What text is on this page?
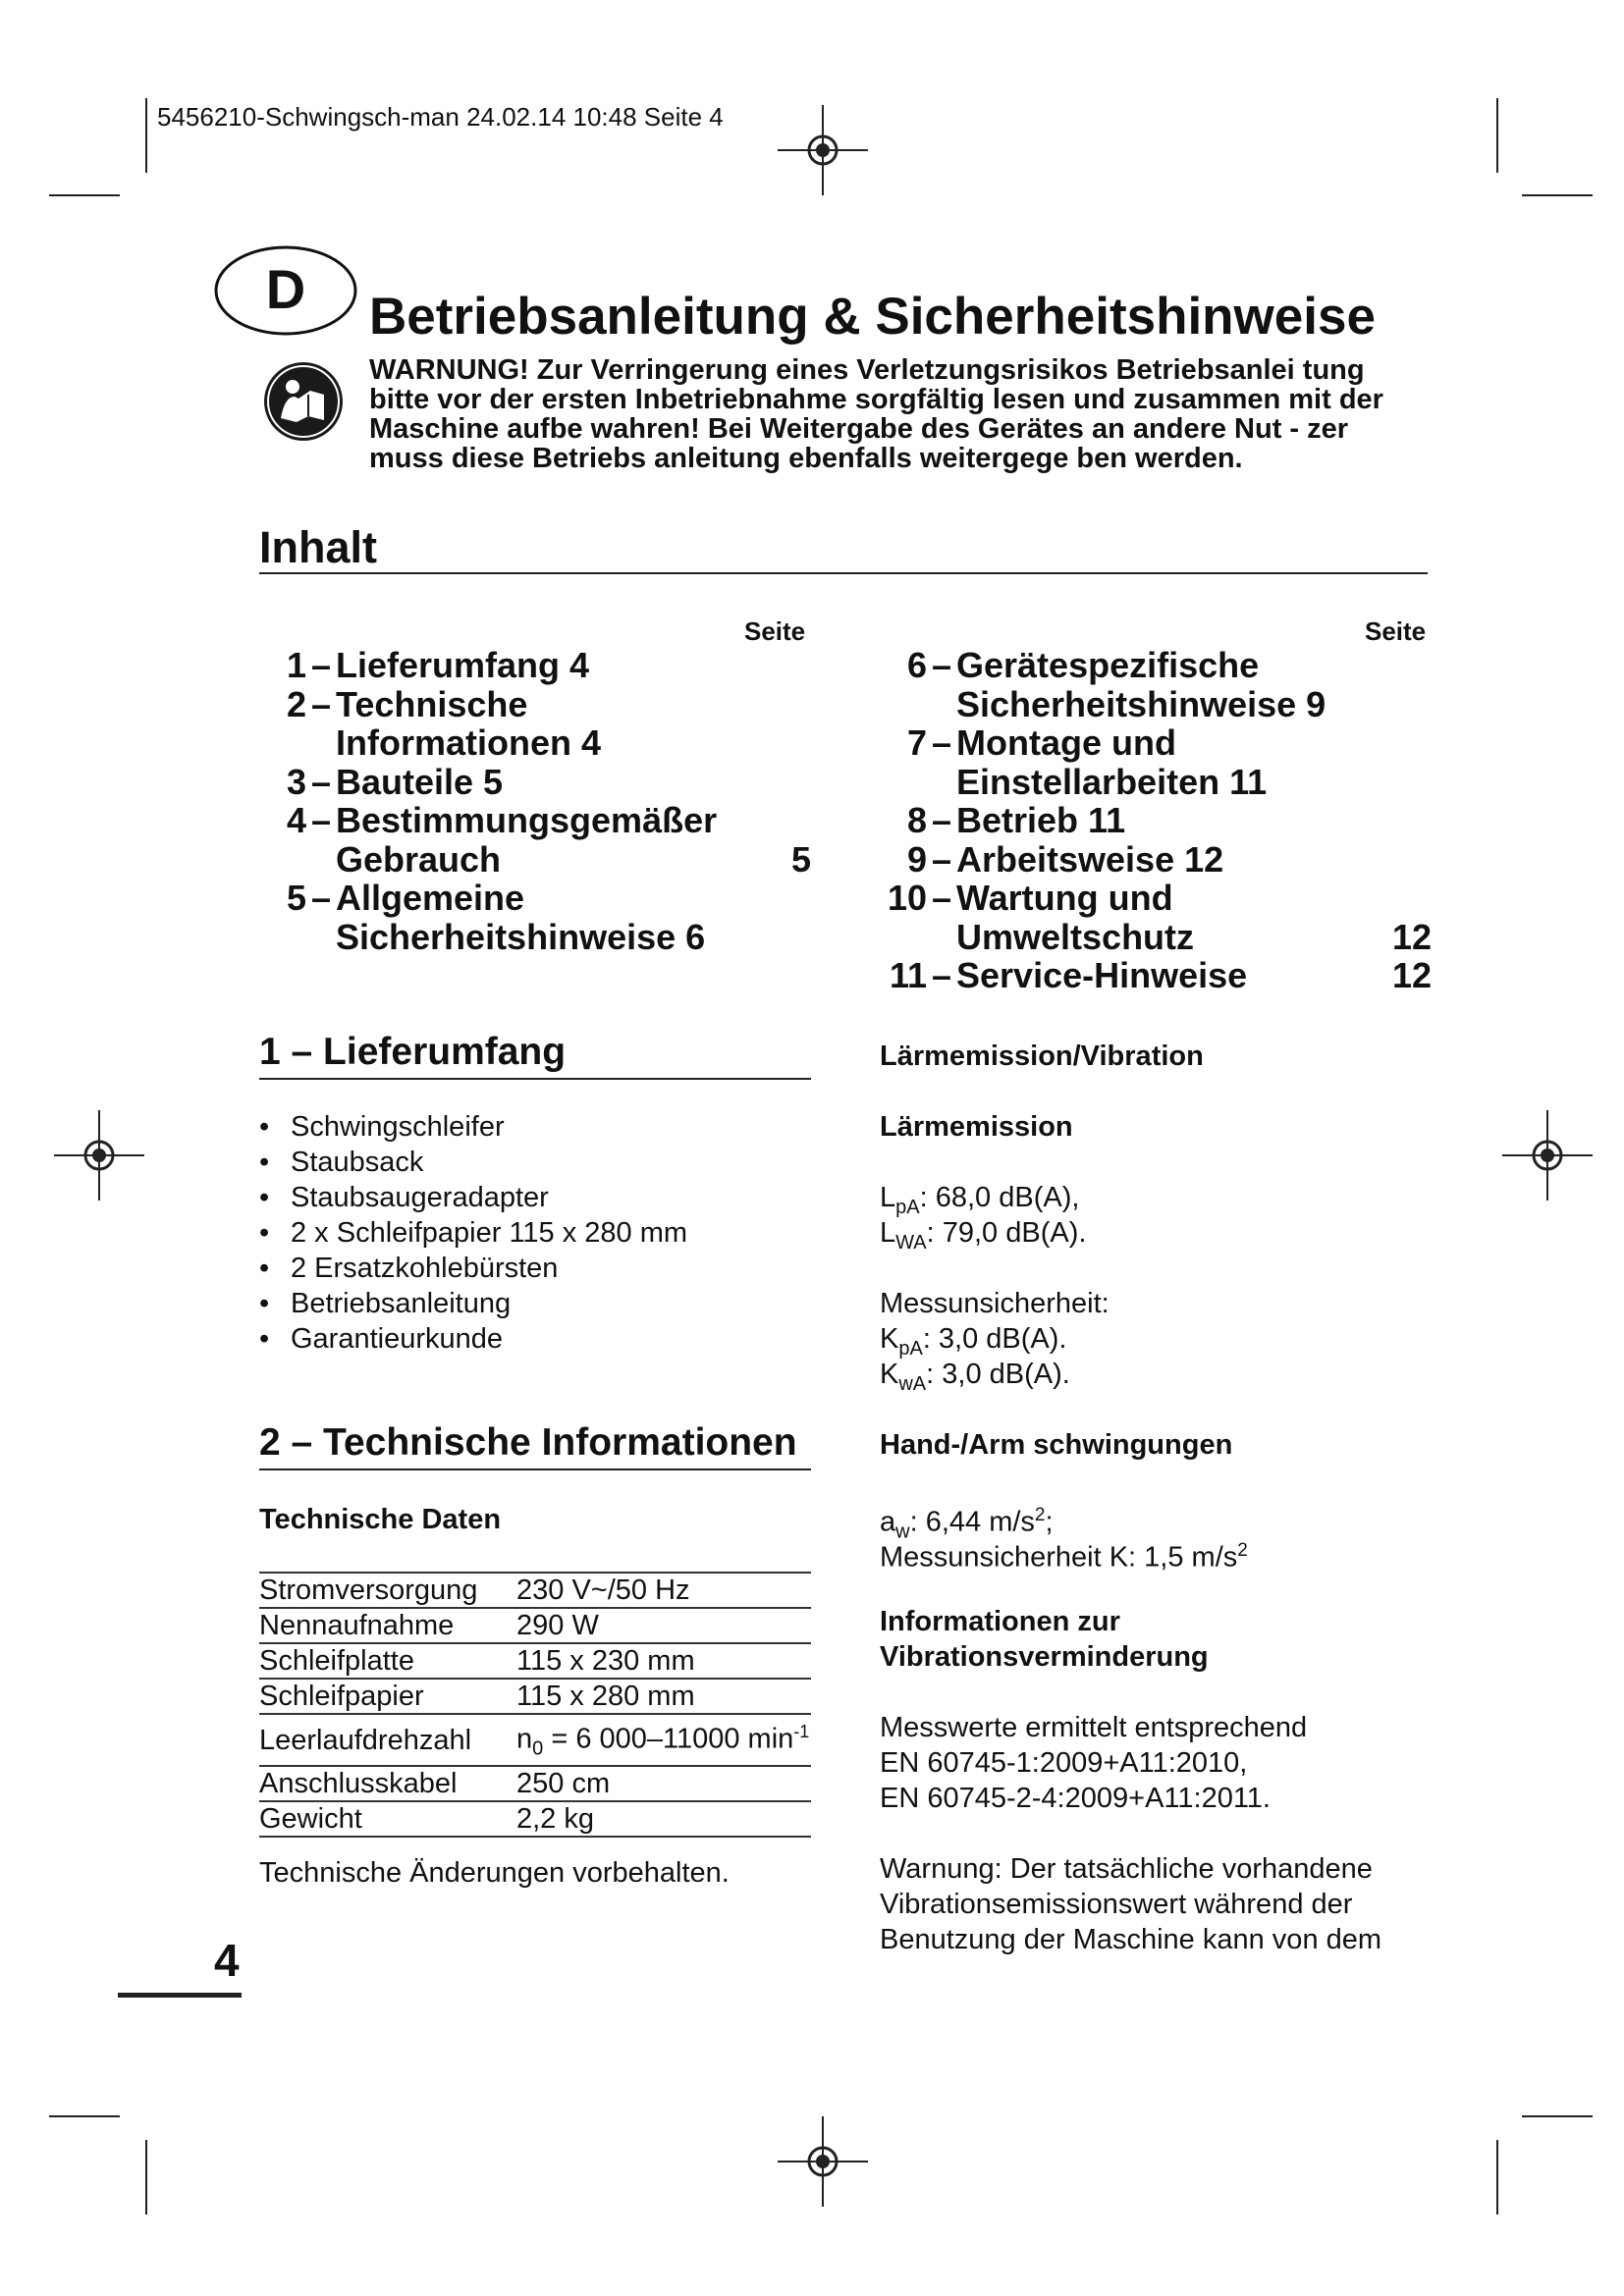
5456210-Schwingsch-man 24.02.14 10:48 Seite 4
D Betriebsanleitung & Sicherheitshinweise
WARNUNG! Zur Verringerung eines Verletzungsrisikos Betriebsanlei tung bitte vor der ersten Inbetriebnahme sorgfältig lesen und zusammen mit der Maschine aufbe wahren! Bei Weitergabe des Gerätes an andere Nut - zer muss diese Betriebs anleitung ebenfalls weitergege ben werden.
Inhalt
Seite	Seite
1 – Lieferumfang 4
2 – Technische
Informationen 4
3 – Bauteile 5
4 – Bestimmungsgemäßer
Gebrauch	5
5 – Allgemeine
Sicherheitshinweise 6
6 – Gerätespezifische
Sicherheitshinweise 9
7 – Montage und
Einstellarbeiten 11
8 – Betrieb 11
9 – Arbeitsweise 12
10 – Wartung und
Umweltschutz	12
11 – Service-Hinweise	12
1 – Lieferumfang
• Schwingschleifer
• Staubsack
• Staubsaugeradapter
• 2 x Schleifpapier 115 x 280 mm
• 2 Ersatzkohlebürsten
• Betriebsanleitung
• Garantieurkunde
2 – Technische Informationen
Technische Daten
Stromversorgung	230 V~/50 Hz
Nennaufnahme	290 W
Schleifplatte	115 x 230 mm
Schleifpapier	115 x 280 mm
Leerlaufdrehzahl	$n_0 = 6$ 000–11000 $\min^{-1}$
Anschlusskabel	250 cm
Gewicht	2,2 kg
Technische Änderungen vorbehalten.
Lärmemission/Vibration
Lärmemission
$L_{pA}$: 68,0 dB(A),
$L_{WA}$: 79,0 dB(A).
Messunsicherheit:
$K_{pA}$: 3,0 dB(A).
$K_{wA}$: 3,0 dB(A).
Hand-/Arm schwingungen
$a_w$: 6,44 $m/s^2$;
Messunsicherheit K: 1,5 $m/s^2$
Informationen zur
Vibrationsverminderung
Messwerte ermittelt entsprechend
EN 60745-1:2009+A11:2010,
EN 60745-2-4:2009+A11:2011.
Warnung: Der tatsächliche vorhandene
Vibrationsemissionswert während der
Benutzung der Maschine kann von dem
4
